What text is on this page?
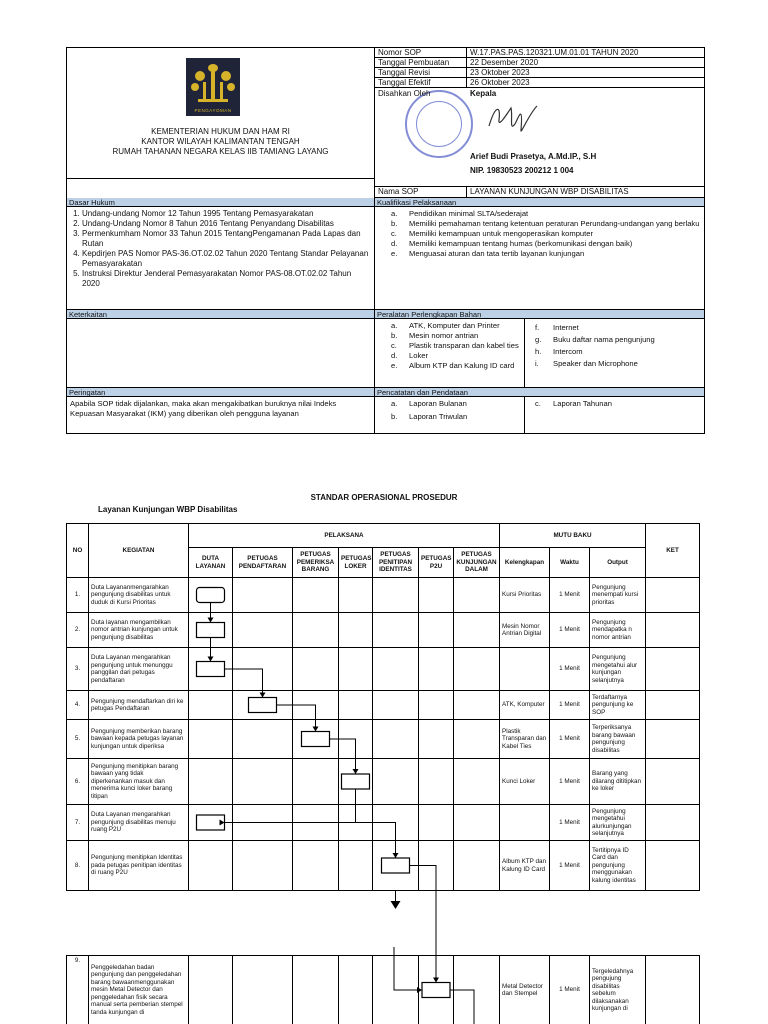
PENGAYOMAN
KEMENTERIAN HUKUM DAN HAM RI
KANTOR WILAYAH KALIMANTAN TENGAH
RUMAH TAHANAN NEGARA KELAS IIB TAMIANG LAYANG
Nomor SOP	W.17.PAS.PAS.120321.UM.01.01 TAHUN 2020
Tanggal Pembuatan	22 Desember 2020
Tanggal Revisi	23 Oktober 2023
Tanggal Efektif	26 Oktober 2023
Disahkan Oleh	Kepala
Arief Budi Prasetya, A.Md.IP., S.H
NIP. 19830523 200212 1 004
Nama SOP	LAYANAN KUNJUNGAN WBP DISABILITAS
Dasar Hukum
1. Undang-undang Nomor 12 Tahun 1995 Tentang Pemasyarakatan
2. Undang-Undang Nomor 8 Tahun 2016 Tentang Penyandang Disabilitas
3. Permenkumham Nomor 33 Tahun 2015 TentangPengamanan Pada Lapas dan Rutan
4. Kepdirjen PAS Nomor PAS-36.OT.02.02 Tahun 2020 Tentang Standar Pelayanan Pemasyarakatan
5. Instruksi Direktur Jenderal Pemasyarakatan Nomor PAS-08.OT.02.02 Tahun 2020
Kualifikasi Pelaksanaan
a.	Pendidikan minimal SLTA/sederajat
b.	Memiliki pemahaman tentang ketentuan peraturan Perundang-undangan yang berlaku
c.	Memiliki kemampuan untuk mengoperasikan komputer
d.	Memiliki kemampuan tentang humas (berkomunikasi dengan baik)
e.	Menguasai aturan dan tata tertib layanan kunjungan
Keterkaitan	Peralatan Perlengkapan Bahan
a.	ATK, Komputer dan Printer
b.	Mesin nomor antrian
c.	Plastik transparan dan kabel ties
d.	Loker
e.	Album KTP dan Kalung ID card
f.	Internet
g.	Buku daftar nama pengunjung
h.	Intercom
i.	Speaker dan Microphone
Peringatan
Apabila SOP tidak dijalankan, maka akan mengakibatkan buruknya nilai Indeks Kepuasan Masyarakat (IKM) yang diberikan oleh pengguna layanan
Pencatatan dan Pendataan
a.	Laporan Bulanan
b.	Laporan Triwulan
c.	Laporan Tahunan
STANDAR OPERASIONAL PROSEDUR
Layanan Kunjungan WBP Disabilitas
NO	KEGIATAN	PELAKSANA							MUTU BAKU			KET
		DUTA LAYANAN	PETUGAS PENDAFTARAN	PETUGAS PEMERIKSA BARANG	PETUGAS LOKER	PETUGAS PENITIPAN IDENTITAS	PETUGAS P2U	PETUGAS KUNJUNGAN DALAM	Kelengkapan	Waktu	Output	
1.	Duta Layananmengarahkan pengunjung disabilitas untuk duduk di Kursi Prioritas								Kursi Prioritas	1 Menit	Pengunjung menempati kursi prioritas	
2.	Duta layanan mengambilkan nomor antrian kunjungan untuk pengunjung disabilitas								Mesin Nomor Antrian Digital	1 Menit	Pengunjung mendapatka n nomor antrian	
3.	Duta Layanan mengarahkan pengunjung untuk menunggu panggilan dari petugas pendaftaran									1 Menit	Pengunjung mengetahui alur kunjungan selanjutnya	
4.	Pengunjung mendaftarkan diri ke petugas Pendaftaran								ATK, Komputer	1 Menit	Terdaftarnya pengunjung ke SOP	
5.	Pengunjung memberikan barang bawaan kepada petugas layanan kunjungan untuk diperiksa								Plastik Transparan dan Kabel Ties	1 Menit	Terperiksanya barang bawaan pengunjung disabilitas	
6.	Pengunjung menitipkan barang bawaan yang tidak diperkenankan masuk dan menerima kunci loker barang titipan								Kunci Loker	1 Menit	Barang yang dilarang dititipkan ke loker	
7.	Duta Layanan mengarahkan pengunjung disabilitas menuju ruang P2U									1 Menit	Pengunjung mengetahui alurkunjungan selanjutnya	
8.	Pengunjung menitipkan Identitas pada petugas penitipan identitas di ruang P2U								Album KTP dan Kalung ID Card	1 Menit	Tertitipnya ID Card dan pengunjung menggunakan kalung identitas	
9.	Penggeledahan badan pengunjung dan penggeledahan barang bawaanmenggunakan mesin Metal Detector dan penggeledahan fisik secara manual serta pemberian stempel tanda kunjungan di								Metal Detector dan Stempel	1 Menit	Tergeledahnya pengujung disabilitas sebelum dilaksanakan kunjungan di	
